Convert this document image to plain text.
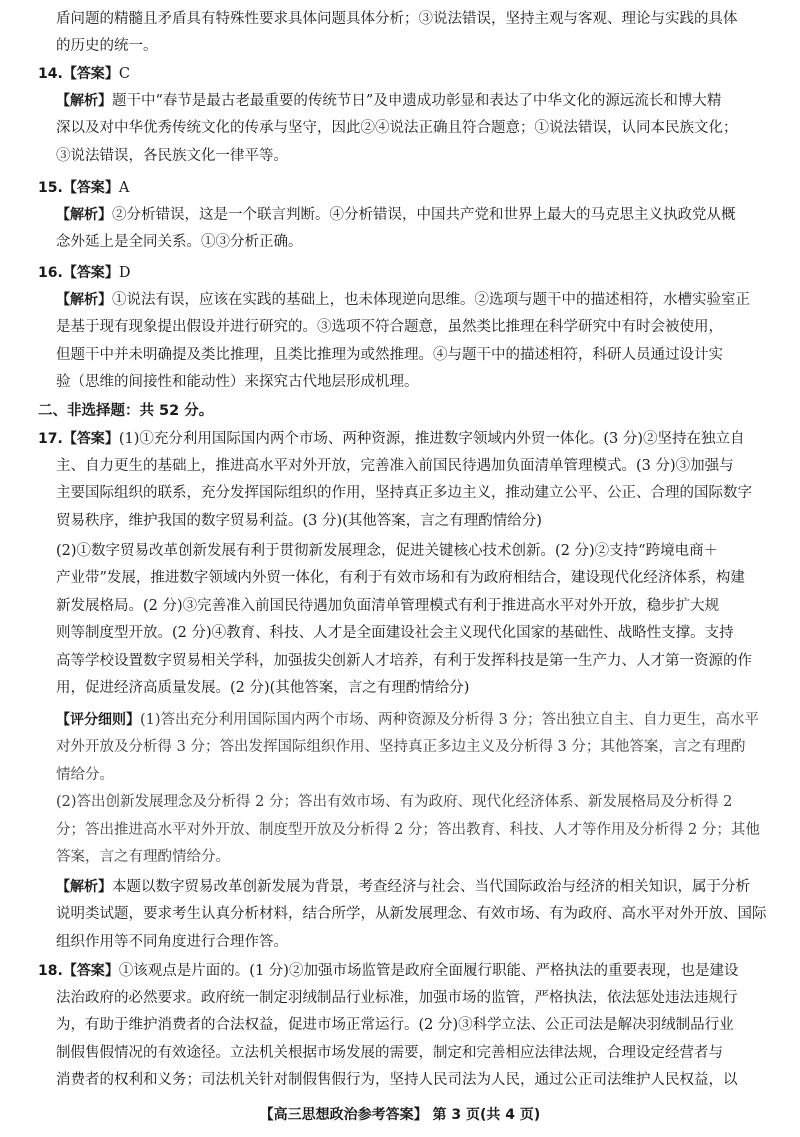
盾问题的精髓且矛盾具有特殊性要求具体问题具体分析；③说法错误，坚持主观与客观、理论与实践的具体
的历史的统一。
14. 【 答案 】 C
【 解析 】 题干中“春节是最古老最重要的传统节日”及申遗成功彰显和表达了中华文化的源远流长和博大精
深以及对中华优秀传统文化的传承与坚守，因此②④说法正确且符合题意；①说法错误，认同本民族文化；
③说法错误，各民族文化一律平等。
15. 【 答案 】 A
【 解析 】 ②分析错误，这是一个联言判断。④分析错误，中国共产党和世界上最大的马克思主义执政党从概
念外延上是全同关系。①③分析正确。
16. 【 答案 】 D
【 解析 】 ①说法有误，应该在实践的基础上，也未体现逆向思维。②选项与题干中的描述相符，水槽实验室正
是基于现有现象提出假设并进行研究的。③选项不符合题意，虽然类比推理在科学研究中有时会被使用，
但题干中并未明确提及类比推理，且类比推理为或然推理。④与题干中的描述相符，科研人员通过设计实
验（思维的间接性和能动性）来探究古代地层形成机理。
二、非选择题：共 52 分。
17. 【 答案 】 (1)①充分利用国际国内两个市场、两种资源，推进数字领域内外贸一体化。(3 分)②坚持在独立自
主、自力更生的基础上，推进高水平对外开放，完善准入前国民待遇加负面清单管理模式。(3 分)③加强与
主要国际组织的联系，充分发挥国际组织的作用，坚持真正多边主义，推动建立公平、公正、合理的国际数字
贸易秩序，维护我国的数字贸易利益。(3 分)(其他答案，言之有理酌情给分)
(2)①数字贸易改革创新发展有利于贯彻新发展理念，促进关键核心技术创新。(2 分)②支持“跨境电商＋
产业带”发展，推进数字领域内外贸一体化，有利于有效市场和有为政府相结合，建设现代化经济体系，构建
新发展格局。(2 分)③完善准入前国民待遇加负面清单管理模式有利于推进高水平对外开放，稳步扩大规
则等制度型开放。(2 分)④教育、科技、人才是全面建设社会主义现代化国家的基础性、战略性支撑。支持
高等学校设置数字贸易相关学科，加强拔尖创新人才培养，有利于发挥科技是第一生产力、人才第一资源的作
用，促进经济高质量发展。(2 分)(其他答案，言之有理酌情给分)
【 评分细则 】 (1)答出充分利用国际国内两个市场、两种资源及分析得 3 分；答出独立自主、自力更生，高水平
对外开放及分析得 3 分；答出发挥国际组织作用、坚持真正多边主义及分析得 3 分；其他答案，言之有理酌
情给分。
(2)答出创新发展理念及分析得 2 分；答出有效市场、有为政府、现代化经济体系、新发展格局及分析得 2
分；答出推进高水平对外开放、制度型开放及分析得 2 分；答出教育、科技、人才等作用及分析得 2 分；其他
答案，言之有理酌情给分。
【 解析 】 本题以数字贸易改革创新发展为背景，考查经济与社会、当代国际政治与经济的相关知识，属于分析
说明类试题，要求考生认真分析材料，结合所学，从新发展理念、有效市场、有为政府、高水平对外开放、国际
组织作用等不同角度进行合理作答。
18. 【 答案 】 ①该观点是片面的。(1 分)②加强市场监管是政府全面履行职能、严格执法的重要表现，也是建设
法治政府的必然要求。政府统一制定羽绒制品行业标准，加强市场的监管，严格执法，依法惩处违法违规行
为，有助于维护消费者的合法权益，促进市场正常运行。(2 分)③科学立法、公正司法是解决羽绒制品行业
制假售假情况的有效途径。立法机关根据市场发展的需要，制定和完善相应法律法规，合理设定经营者与
消费者的权利和义务；司法机关针对制假售假行为，坚持人民司法为人民，通过公正司法维护人民权益，以
【 高三思想政治参考答案 】 第 3 页(共 4 页)
